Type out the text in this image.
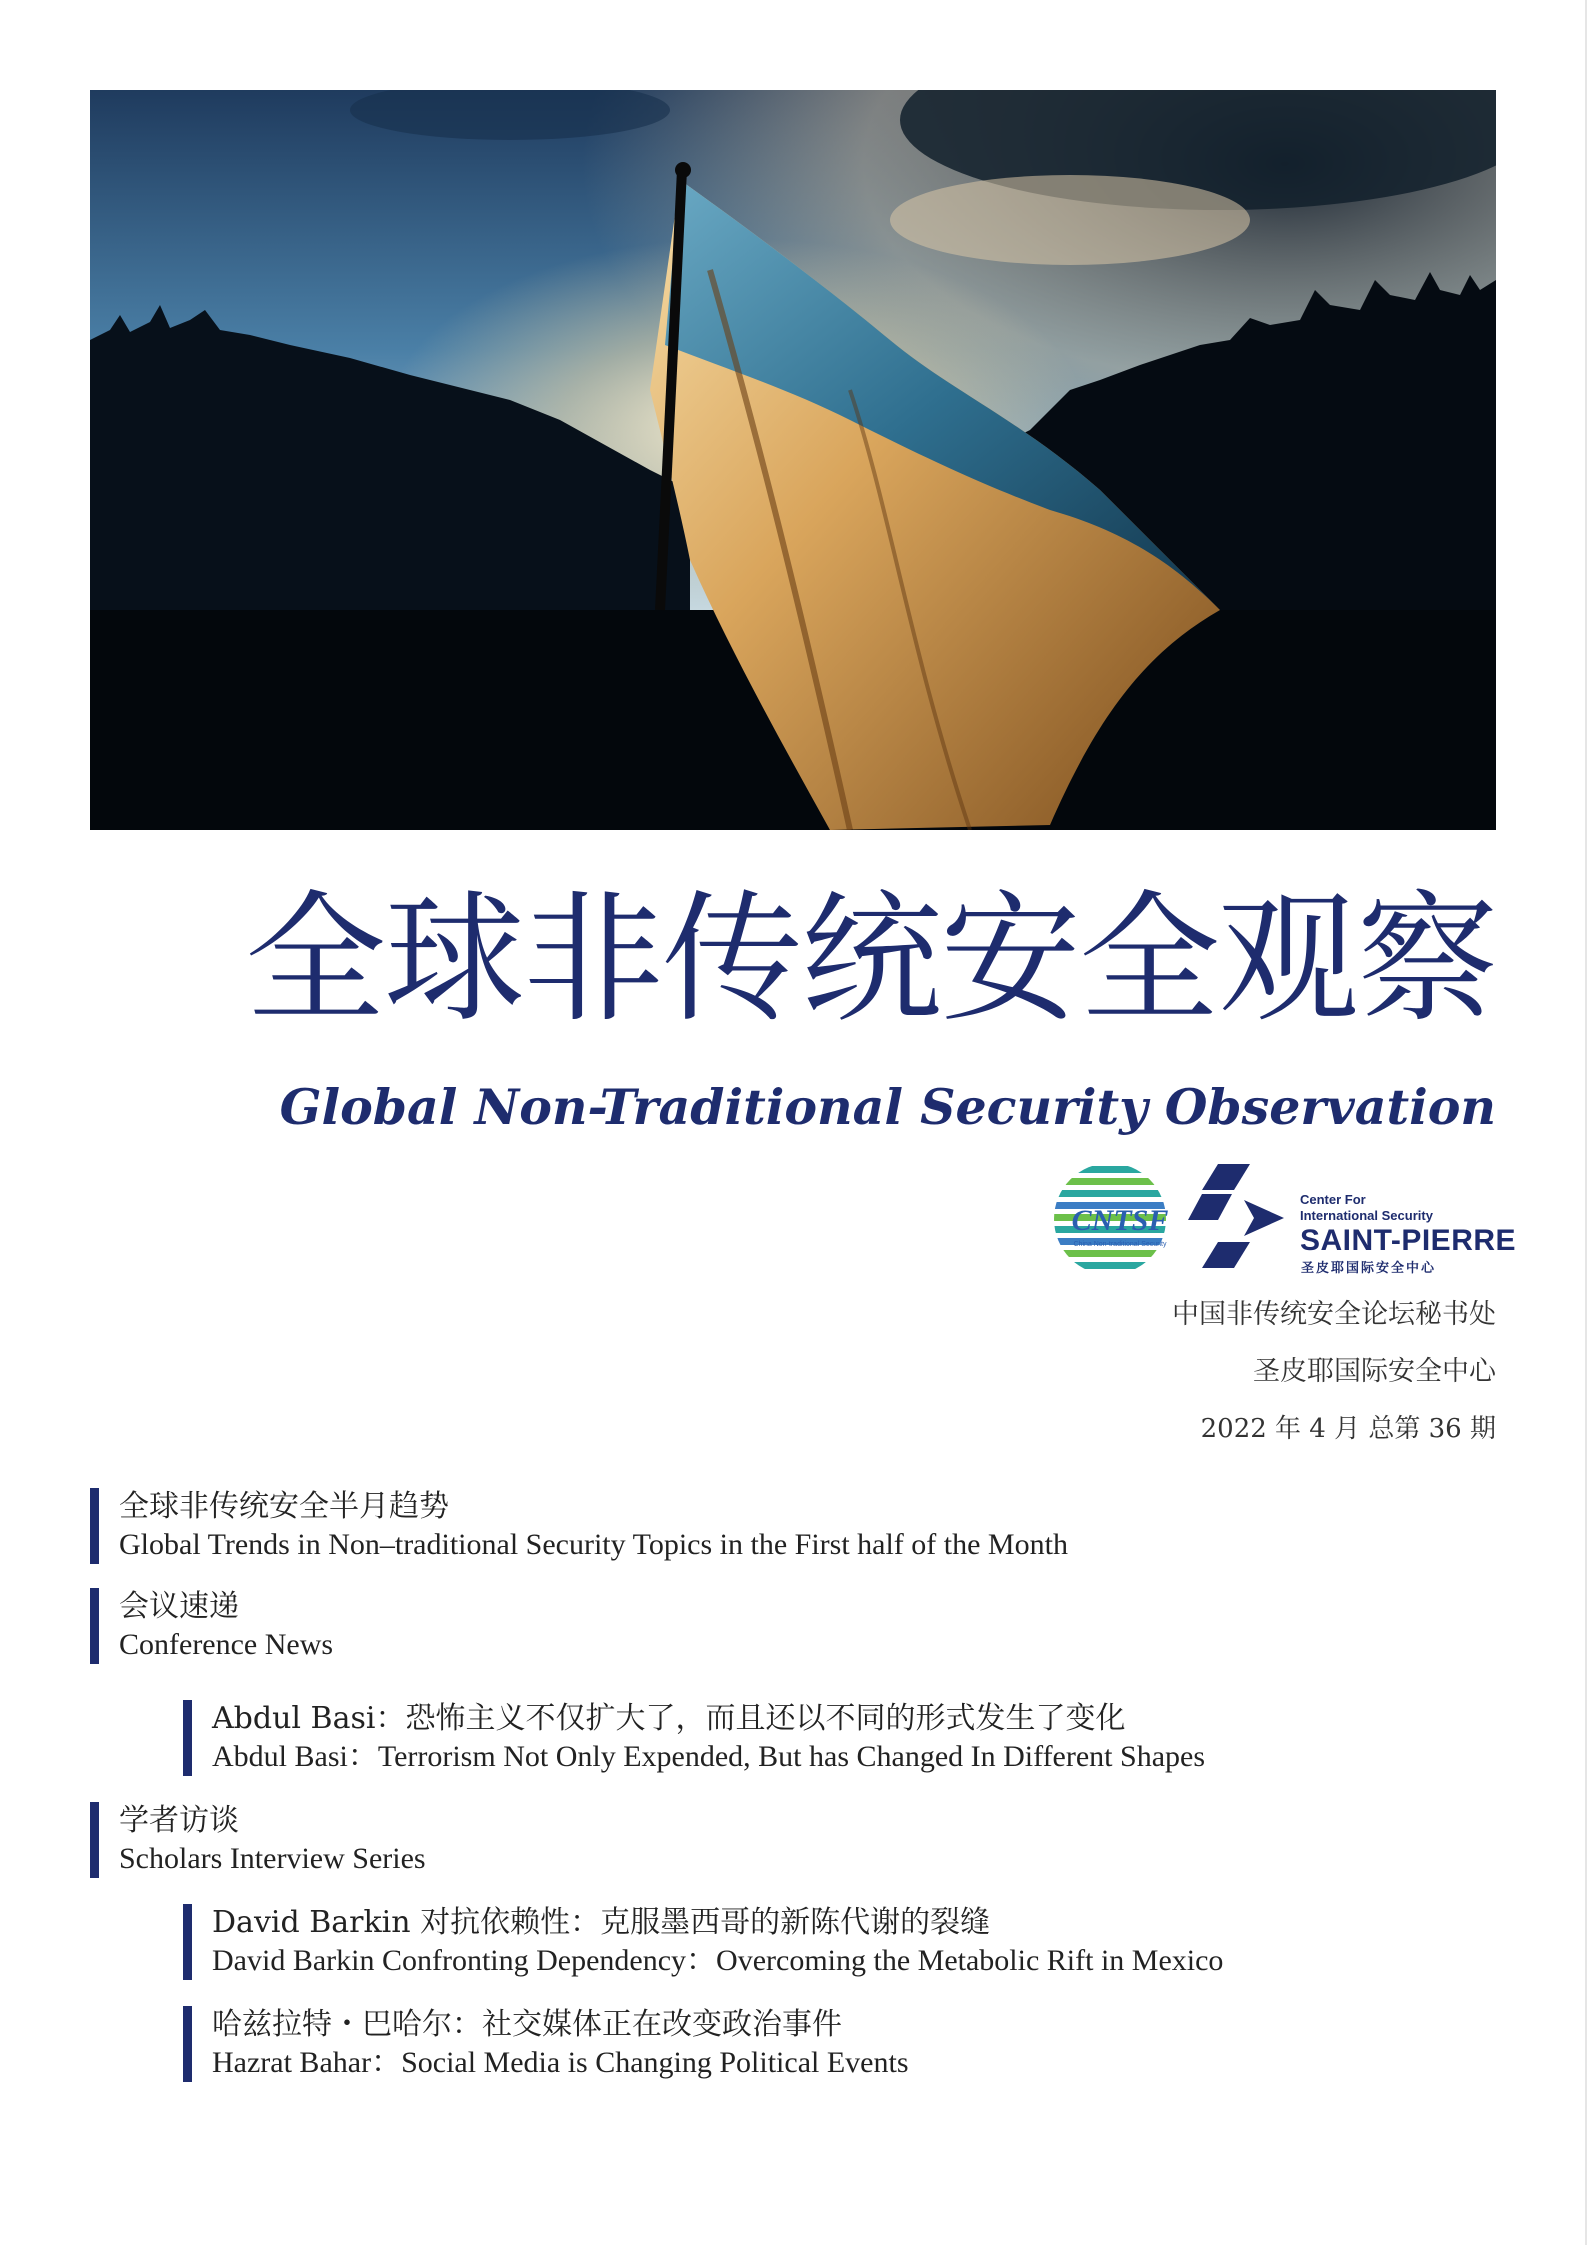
全球非传统安全观察
Global Non-Traditional Security Observation
CNTSF
China Non-traditional Security
Center For
International Security
SAINT-PIERRE
圣皮耶国际安全中心
中国非传统安全论坛秘书处
圣皮耶国际安全中心
2022 年 4 月 总第 36 期
全球非传统安全半月趋势
Global Trends in Non–traditional Security Topics in the First half of the Month
会议速递
Conference News
Abdul Basi：恐怖主义不仅扩大了，而且还以不同的形式发生了变化
Abdul Basi：Terrorism Not Only Expended, But has Changed In Different Shapes
学者访谈
Scholars Interview Series
David Barkin 对抗依赖性：克服墨西哥的新陈代谢的裂缝
David Barkin Confronting Dependency：Overcoming the Metabolic Rift in Mexico
哈兹拉特・巴哈尔：社交媒体正在改变政治事件
Hazrat Bahar：Social Media is Changing Political Events
